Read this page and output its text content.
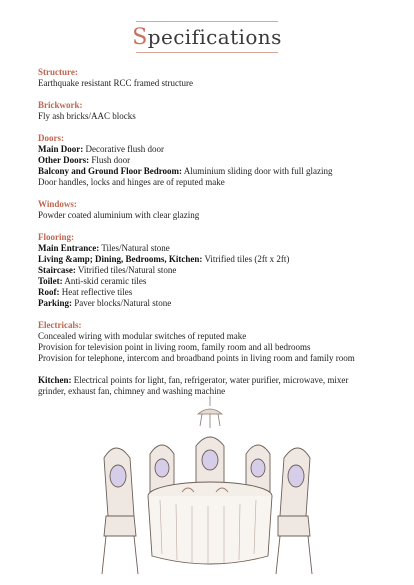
Specifications
Structure:
Earthquake resistant RCC framed structure
Brickwork:
Fly ash bricks/AAC blocks
Doors:
Main Door: Decorative flush door
Other Doors: Flush door
Balcony and Ground Floor Bedroom: Aluminium sliding door with full glazing
Door handles, locks and hinges are of reputed make
Windows:
Powder coated aluminium with clear glazing
Flooring:
Main Entrance: Tiles/Natural stone
Living &amp; Dining, Bedrooms, Kitchen: Vitrified tiles (2ft x 2ft)
Staircase: Vitrified tiles/Natural stone
Toilet: Anti-skid ceramic tiles
Roof: Heat reflective tiles
Parking: Paver blocks/Natural stone
Electricals:
Concealed wiring with modular switches of reputed make
Provision for television point in living room, family room and all bedrooms
Provision for telephone, intercom and broadband points in living room and family room
Kitchen: Electrical points for light, fan, refrigerator, water purifier, microwave, mixer
grinder, exhaust fan, chimney and washing machine
